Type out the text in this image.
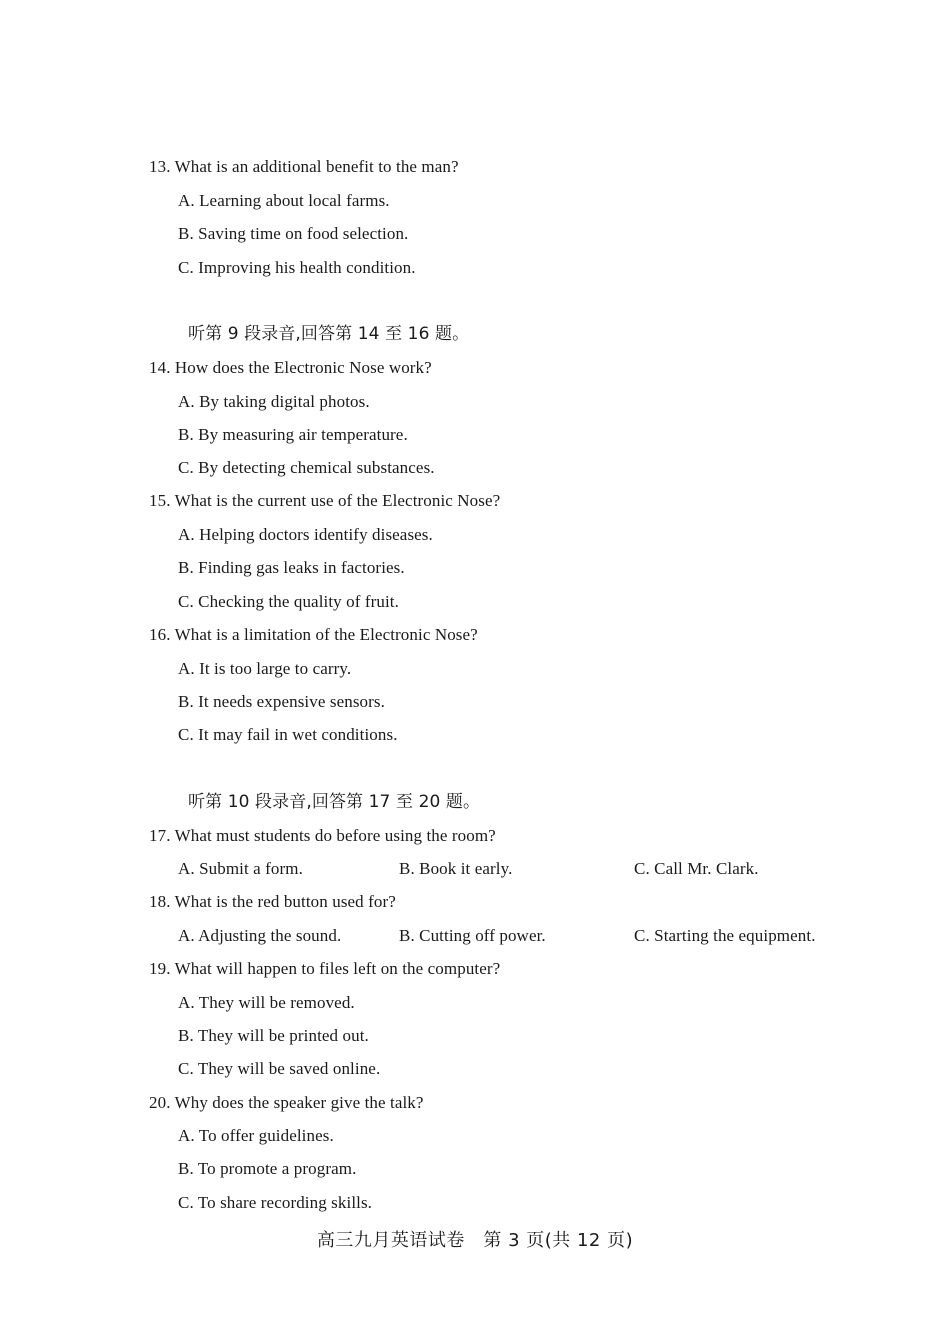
13. What is an additional benefit to the man?
A. Learning about local farms.
B. Saving time on food selection.
C. Improving his health condition.
听第 9 段录音,回答第 14 至 16 题。
14. How does the Electronic Nose work?
A. By taking digital photos.
B. By measuring air temperature.
C. By detecting chemical substances.
15. What is the current use of the Electronic Nose?
A. Helping doctors identify diseases.
B. Finding gas leaks in factories.
C. Checking the quality of fruit.
16. What is a limitation of the Electronic Nose?
A. It is too large to carry.
B. It needs expensive sensors.
C. It may fail in wet conditions.
听第 10 段录音,回答第 17 至 20 题。
17. What must students do before using the room?
A. Submit a form.	B. Book it early.	C. Call Mr. Clark.
18. What is the red button used for?
A. Adjusting the sound.	B. Cutting off power.	C. Starting the equipment.
19. What will happen to files left on the computer?
A. They will be removed.
B. They will be printed out.
C. They will be saved online.
20. Why does the speaker give the talk?
A. To offer guidelines.
B. To promote a program.
C. To share recording skills.
高三九月英语试卷　第 3 页(共 12 页)
